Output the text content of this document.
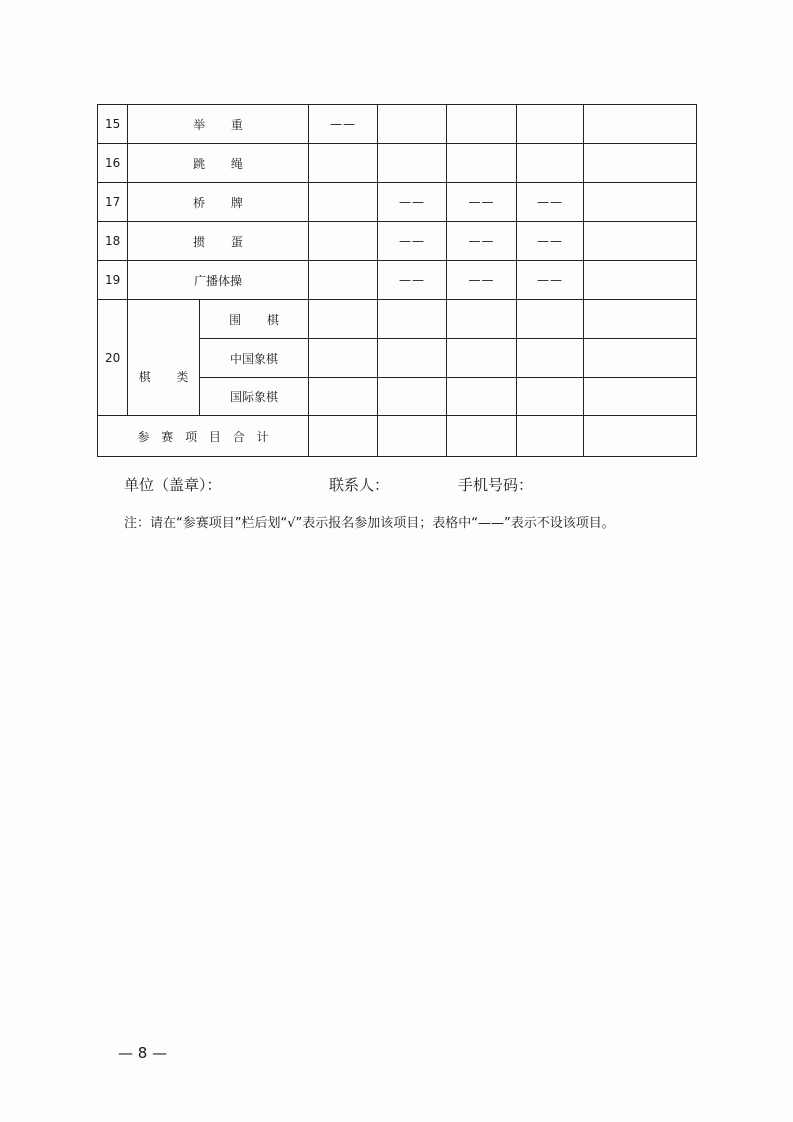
15	举 重		——				
16	跳 绳						
17	桥 牌			——	——	——	
18	掼 蛋			——	——	——	
19	广播体操			——	——	——	
20	棋 类	围 棋					
		中国象棋					
		国际象棋					
参 赛 项 目 合 计							
单位（盖章）：	联系人：	手机号码：
注：请在“参赛项目”栏后划“√”表示报名参加该项目；表格中“——”表示不设该项目。
— 8 —
